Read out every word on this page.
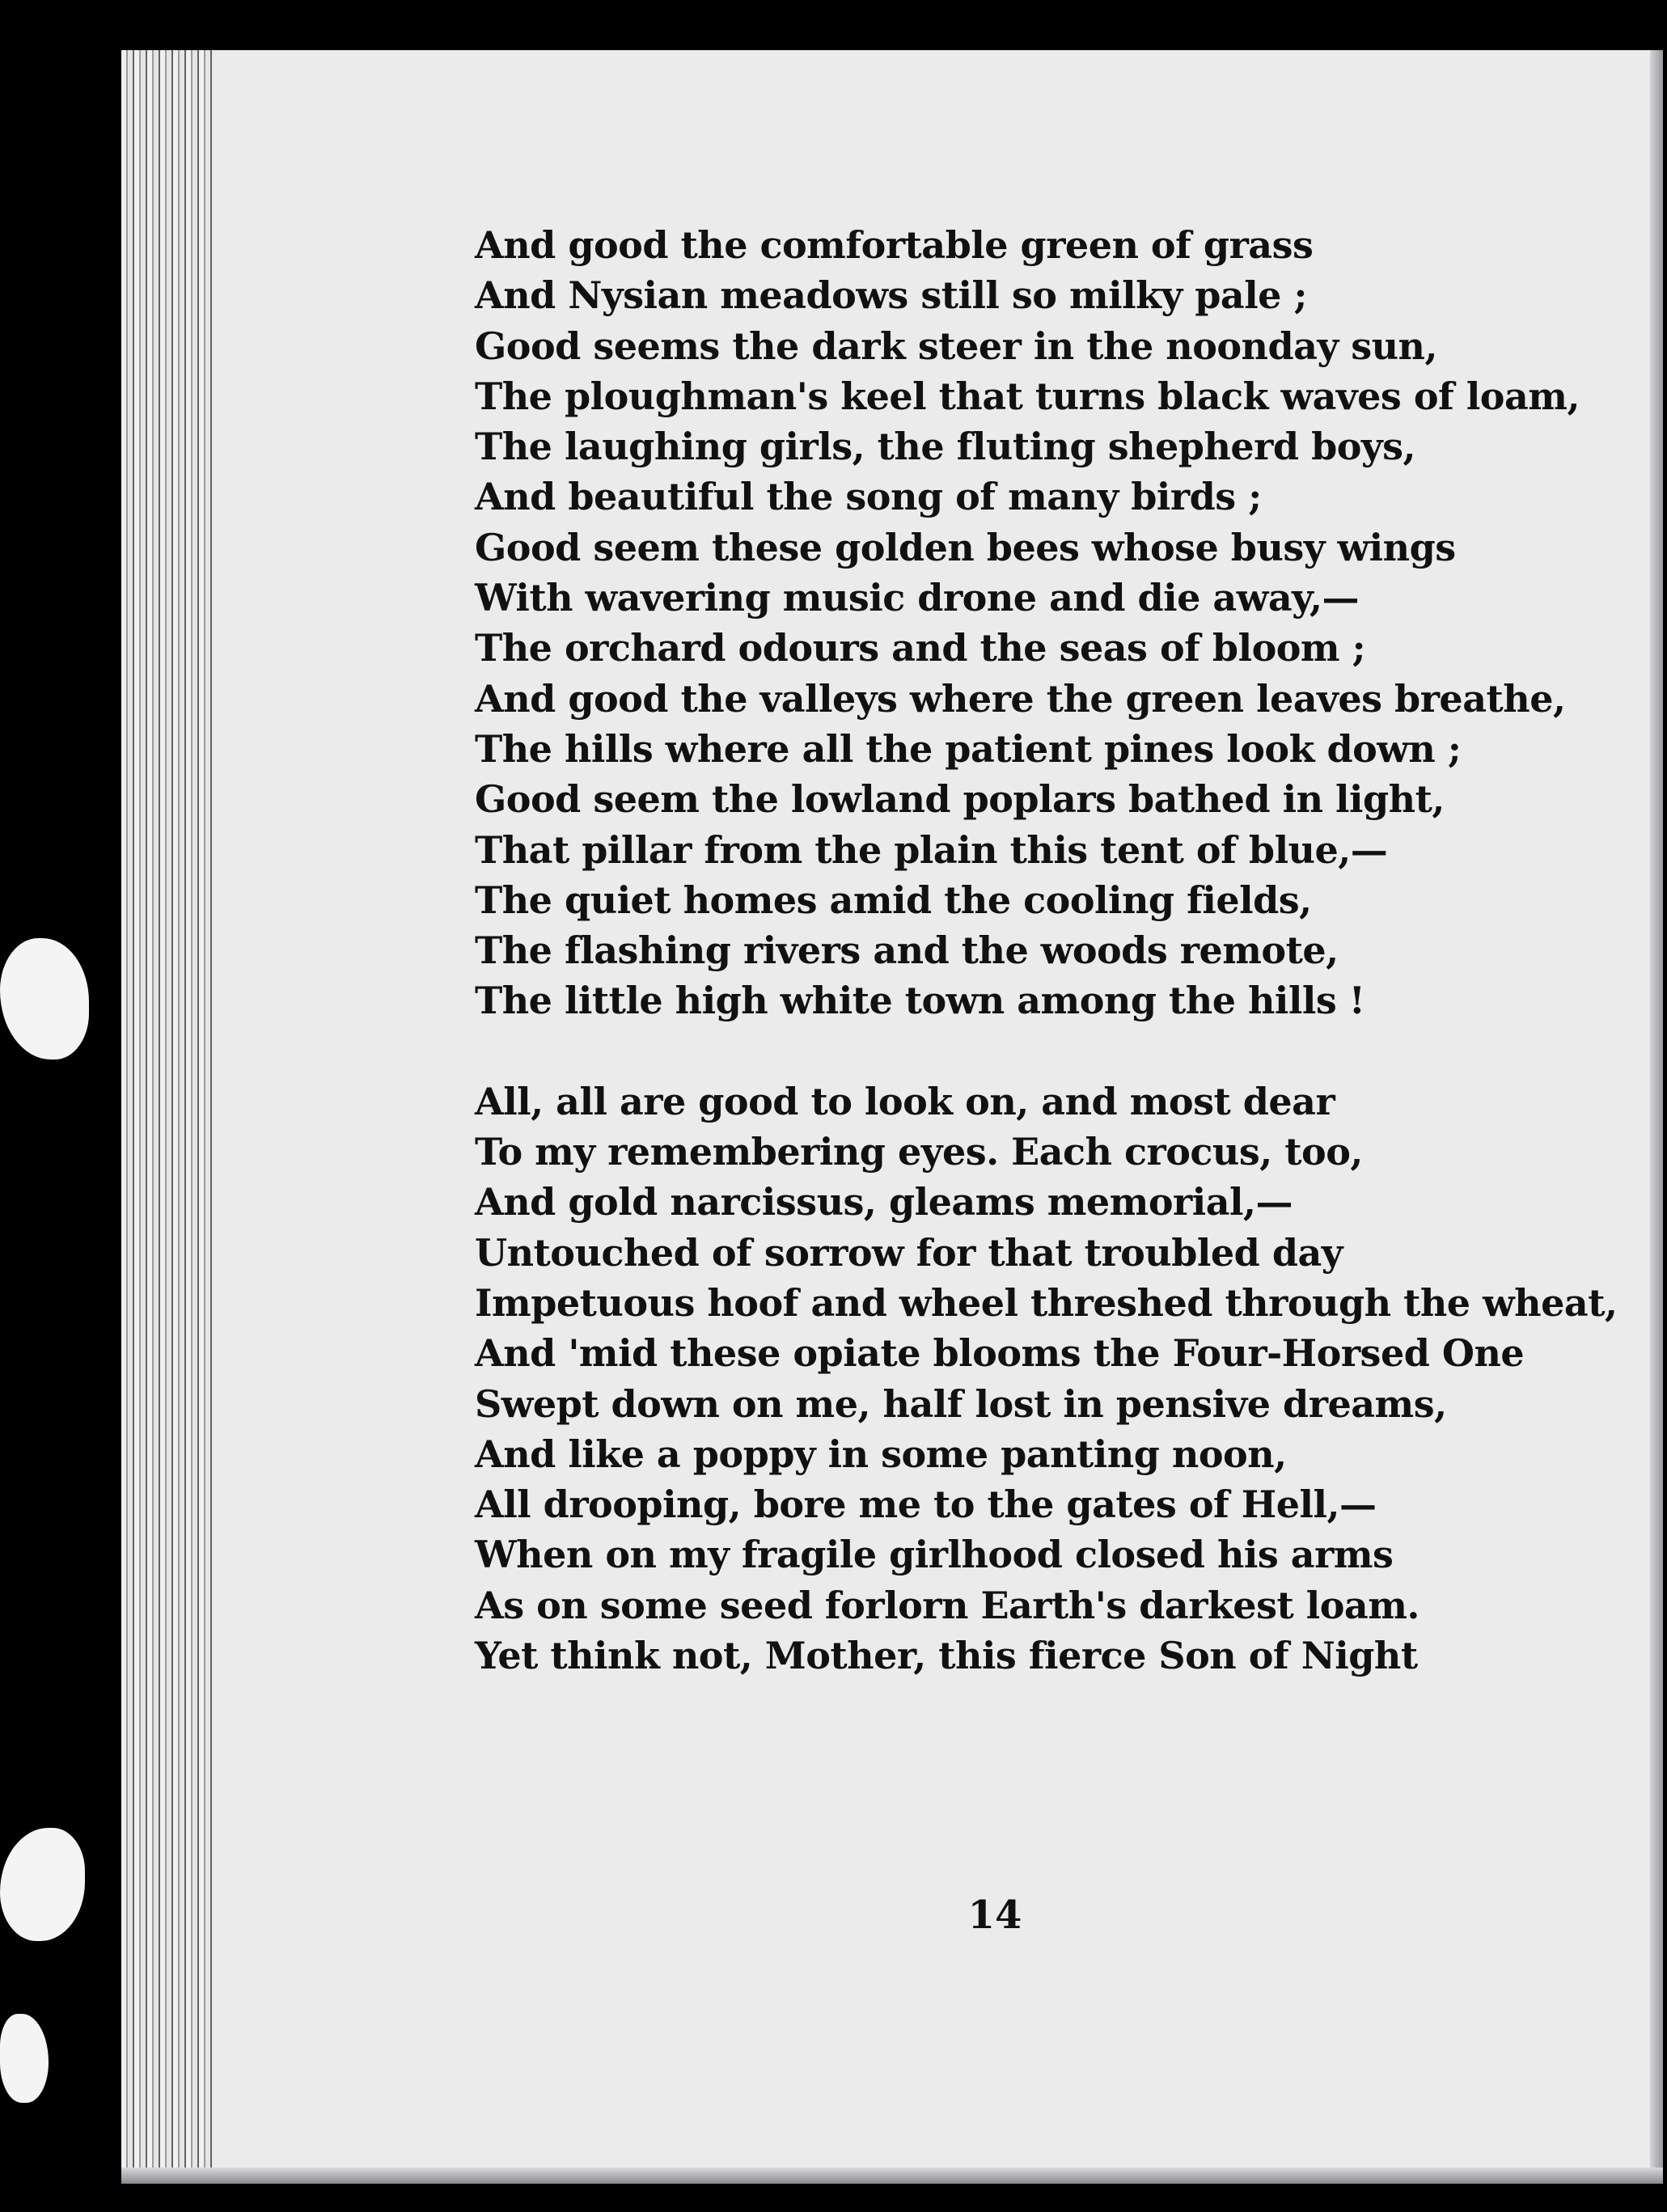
And good the comfortable green of grass
And Nysian meadows still so milky pale ;
Good seems the dark steer in the noonday sun,
The ploughman's keel that turns black waves of loam,
The laughing girls, the fluting shepherd boys,
And beautiful the song of many birds ;
Good seem these golden bees whose busy wings
With wavering music drone and die away,—
The orchard odours and the seas of bloom ;
And good the valleys where the green leaves breathe,
The hills where all the patient pines look down ;
Good seem the lowland poplars bathed in light,
That pillar from the plain this tent of blue,—
The quiet homes amid the cooling fields,
The flashing rivers and the woods remote,
The little high white town among the hills !
All, all are good to look on, and most dear
To my remembering eyes. Each crocus, too,
And gold narcissus, gleams memorial,—
Untouched of sorrow for that troubled day
Impetuous hoof and wheel threshed through the wheat,
And 'mid these opiate blooms the Four-Horsed One
Swept down on me, half lost in pensive dreams,
And like a poppy in some panting noon,
All drooping, bore me to the gates of Hell,—
When on my fragile girlhood closed his arms
As on some seed forlorn Earth's darkest loam.
Yet think not, Mother, this fierce Son of Night
14
